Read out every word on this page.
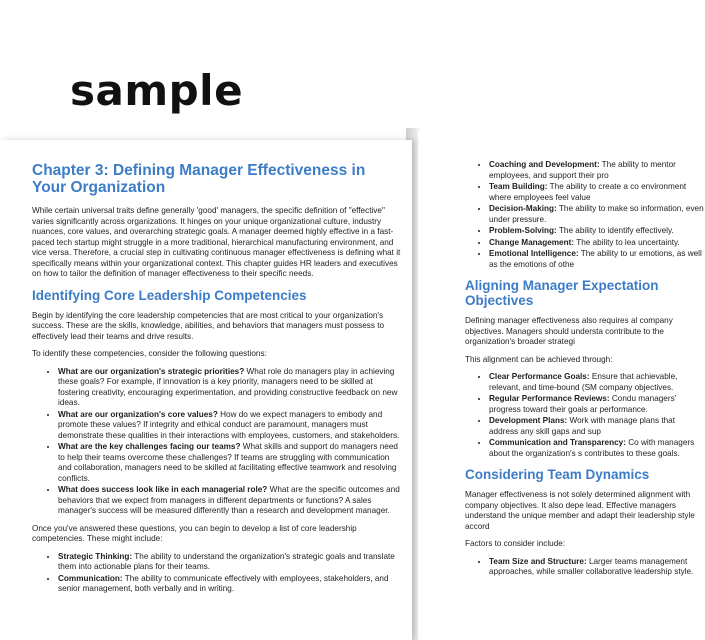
sample
Chapter 3: Defining Manager Effectiveness in Your Organization

While certain universal traits define generally 'good' managers, the specific definition of "effective" varies significantly across organizations. It hinges on your unique organizational culture, industry nuances, core values, and overarching strategic goals. A manager deemed highly effective in a fast-paced tech startup might struggle in a more traditional, hierarchical manufacturing environment, and vice versa. Therefore, a crucial step in cultivating continuous manager effectiveness is defining what it specifically means within your organizational context. This chapter guides HR leaders and executives on how to tailor the definition of manager effectiveness to their specific needs.

Identifying Core Leadership Competencies

Begin by identifying the core leadership competencies that are most critical to your organization's success. These are the skills, knowledge, abilities, and behaviors that managers must possess to effectively lead their teams and drive results.

To identify these competencies, consider the following questions:

• What are our organization's strategic priorities? What role do managers play in achieving these goals? For example, if innovation is a key priority, managers need to be skilled at fostering creativity, encouraging experimentation, and providing constructive feedback on new ideas.
• What are our organization's core values? How do we expect managers to embody and promote these values? If integrity and ethical conduct are paramount, managers must demonstrate these qualities in their interactions with employees, customers, and stakeholders.
• What are the key challenges facing our teams? What skills and support do managers need to help their teams overcome these challenges? If teams are struggling with communication and collaboration, managers need to be skilled at facilitating effective teamwork and resolving conflicts.
• What does success look like in each managerial role? What are the specific outcomes and behaviors that we expect from managers in different departments or functions? A sales manager's success will be measured differently than a research and development manager.

Once you've answered these questions, you can begin to develop a list of core leadership competencies. These might include:

• Strategic Thinking: The ability to understand the organization's strategic goals and translate them into actionable plans for their teams.
• Communication: The ability to communicate effectively with employees, stakeholders, and senior management, both verbally and in writing.
• Coaching and Development: The ability to mentor employees, and support their pro
• Team Building: The ability to create a co environment where employees feel value
• Decision-Making: The ability to make so information, even under pressure.
• Problem-Solving: The ability to identify effectively.
• Change Management: The ability to lea uncertainty.
• Emotional Intelligence: The ability to ur emotions, as well as the emotions of othe
Aligning Manager Expectation Objectives

Defining manager effectiveness also requires al company objectives. Managers should understa contribute to the organization's broader strategi

This alignment can be achieved through:

• Clear Performance Goals: Ensure that achievable, relevant, and time-bound (SM company objectives.
• Regular Performance Reviews: Condu managers' progress toward their goals ar performance.
• Development Plans: Work with manage plans that address any skill gaps and sup
• Communication and Transparency: Co with managers about the organization's s contributes to these goals.
Considering Team Dynamics

Manager effectiveness is not solely determined alignment with company objectives. It also depe lead. Effective managers understand the unique member and adapt their leadership style accord

Factors to consider include:

• Team Size and Structure: Larger teams management approaches, while smaller collaborative leadership style.
